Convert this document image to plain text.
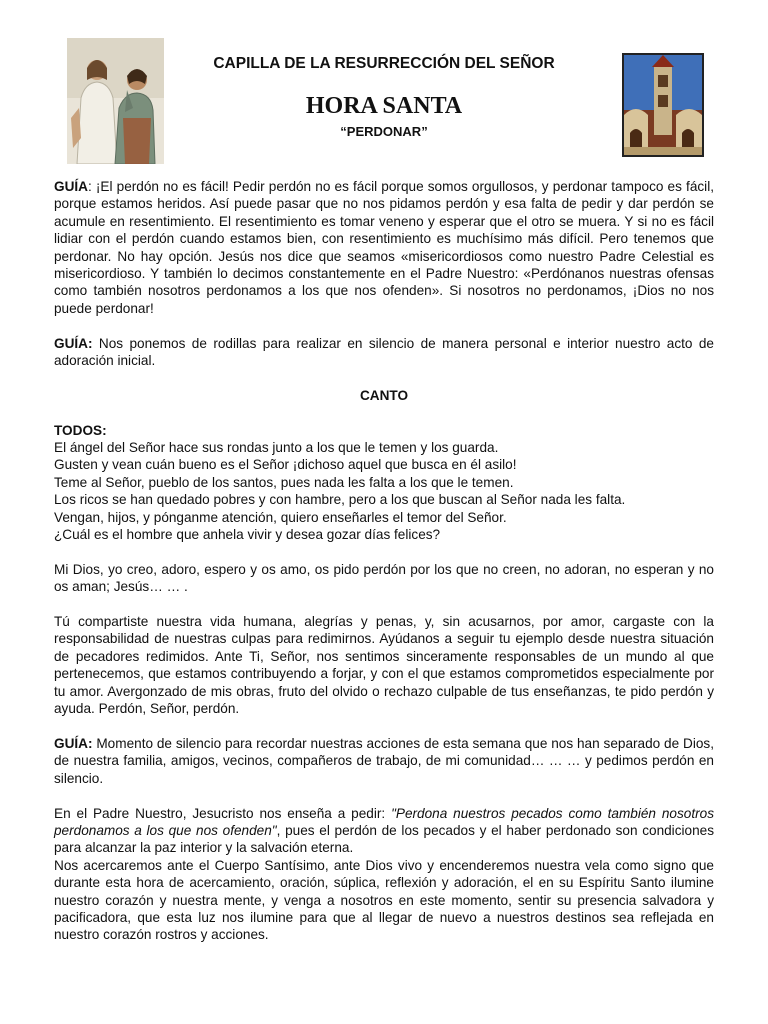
CAPILLA DE LA RESURRECCIÓN DEL SEÑOR
HORA SANTA
“PERDONAR”

GUÍA: ¡El perdón no es fácil! Pedir perdón no es fácil porque somos orgullosos, y perdonar tampoco es fácil, porque estamos heridos. Así puede pasar que no nos pidamos perdón y esa falta de pedir y dar perdón se acumule en resentimiento. El resentimiento es tomar veneno y esperar que el otro se muera. Y si no es fácil lidiar con el perdón cuando estamos bien, con resentimiento es muchísimo más difícil. Pero tenemos que perdonar. No hay opción. Jesús nos dice que seamos «misericordiosos como nuestro Padre Celestial es misericordioso. Y también lo decimos constantemente en el Padre Nuestro: «Perdónanos nuestras ofensas como también nosotros perdonamos a los que nos ofenden». Si nosotros no perdonamos, ¡Dios no nos puede perdonar!

GUÍA: Nos ponemos de rodillas para realizar en silencio de manera personal e interior nuestro acto de adoración inicial.

CANTO

TODOS:
El ángel del Señor hace sus rondas junto a los que le temen y los guarda.
Gusten y vean cuán bueno es el Señor ¡dichoso aquel que busca en él asilo!
Teme al Señor, pueblo de los santos, pues nada les falta a los que le temen.
Los ricos se han quedado pobres y con hambre, pero a los que buscan al Señor nada les falta.
Vengan, hijos, y pónganme atención, quiero enseñarles el temor del Señor.
¿Cuál es el hombre que anhela vivir y desea gozar días felices?

Mi Dios, yo creo, adoro, espero y os amo, os pido perdón por los que no creen, no adoran, no esperan y no os aman; Jesús… … .

Tú compartiste nuestra vida humana, alegrías y penas, y, sin acusarnos, por amor, cargaste con la responsabilidad de nuestras culpas para redimirnos. Ayúdanos a seguir tu ejemplo desde nuestra situación de pecadores redimidos. Ante Ti, Señor, nos sentimos sinceramente responsables de un mundo al que pertenecemos, que estamos contribuyendo a forjar, y con el que estamos comprometidos especialmente por tu amor. Avergonzado de mis obras, fruto del olvido o rechazo culpable de tus enseñanzas, te pido perdón y ayuda. Perdón, Señor, perdón.

GUÍA: Momento de silencio para recordar nuestras acciones de esta semana que nos han separado de Dios, de nuestra familia, amigos, vecinos, compañeros de trabajo, de mi comunidad… … … y pedimos perdón en silencio.

En el Padre Nuestro, Jesucristo nos enseña a pedir: "Perdona nuestros pecados como también nosotros perdonamos a los que nos ofenden", pues el perdón de los pecados y el haber perdonado son condiciones para alcanzar la paz interior y la salvación eterna.

Nos acercaremos ante el Cuerpo Santísimo, ante Dios vivo y encenderemos nuestra vela como signo que durante esta hora de acercamiento, oración, súplica, reflexión y adoración, el en su Espíritu Santo ilumine nuestro corazón y nuestra mente, y venga a nosotros en este momento, sentir su presencia salvadora y pacificadora, que esta luz nos ilumine para que al llegar de nuevo a nuestros destinos sea reflejada en nuestro corazón rostros y acciones.
